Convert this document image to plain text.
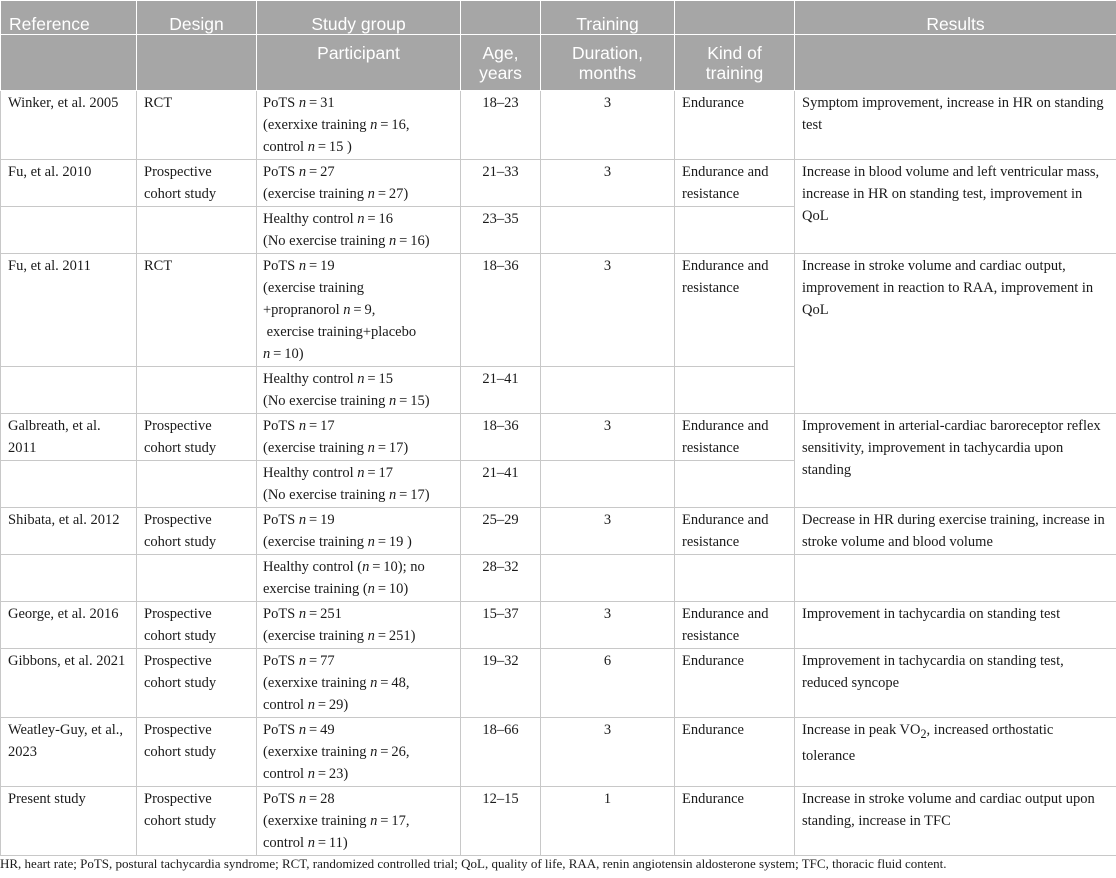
Reference	Design	Study group		Training		Results
		Participant	Age, years	Duration, months	Kind of training	
Winker, et al. 2005	RCT	PoTS n = 31
(exerxixe training n = 16,
control n = 15 )	18–23	3	Endurance	Symptom improvement, increase in HR on standing test
Fu, et al. 2010	Prospective cohort study	PoTS n = 27
(exercise training n = 27)	21–33	3	Endurance and resistance	Increase in blood volume and left ventricular mass, increase in HR on standing test, improvement in QoL
		Healthy control n = 16
(No exercise training n = 16)	23–35			
Fu, et al. 2011	RCT	PoTS n = 19
(exercise training
+propranorol n = 9,
exercise training+placebo
n = 10)	18–36	3	Endurance and resistance	Increase in stroke volume and cardiac output, improvement in reaction to RAA, improvement in QoL
		Healthy control n = 15
(No exercise training n = 15)	21–41			
Galbreath, et al. 2011	Prospective cohort study	PoTS n = 17
(exercise training n = 17)	18–36	3	Endurance and resistance	Improvement in arterial-cardiac baroreceptor reflex sensitivity, improvement in tachycardia upon standing
		Healthy control n = 17
(No exercise training n = 17)	21–41			
Shibata, et al. 2012	Prospective cohort study	PoTS n = 19
(exercise training n = 19 )	25–29	3	Endurance and resistance	Decrease in HR during exercise training, increase in stroke volume and blood volume
		Healthy control (n = 10); no
exercise training (n = 10)	28–32			
George, et al. 2016	Prospective cohort study	PoTS n = 251
(exercise training n = 251)	15–37	3	Endurance and resistance	Improvement in tachycardia on standing test
Gibbons, et al. 2021	Prospective cohort study	PoTS n = 77
(exerxixe training n = 48,
control n = 29)	19–32	6	Endurance	Improvement in tachycardia on standing test, reduced syncope
Weatley-Guy, et al., 2023	Prospective cohort study	PoTS n = 49
(exerxixe training n = 26,
control n = 23)	18–66	3	Endurance	Increase in peak $VO_2$, increased orthostatic tolerance
Present study	Prospective cohort study	PoTS n = 28
(exerxixe training n = 17,
control n = 11)	12–15	1	Endurance	Increase in stroke volume and cardiac output upon standing, increase in TFC
HR, heart rate; PoTS, postural tachycardia syndrome; RCT, randomized controlled trial; QoL, quality of life, RAA, renin angiotensin aldosterone system; TFC, thoracic fluid content.
